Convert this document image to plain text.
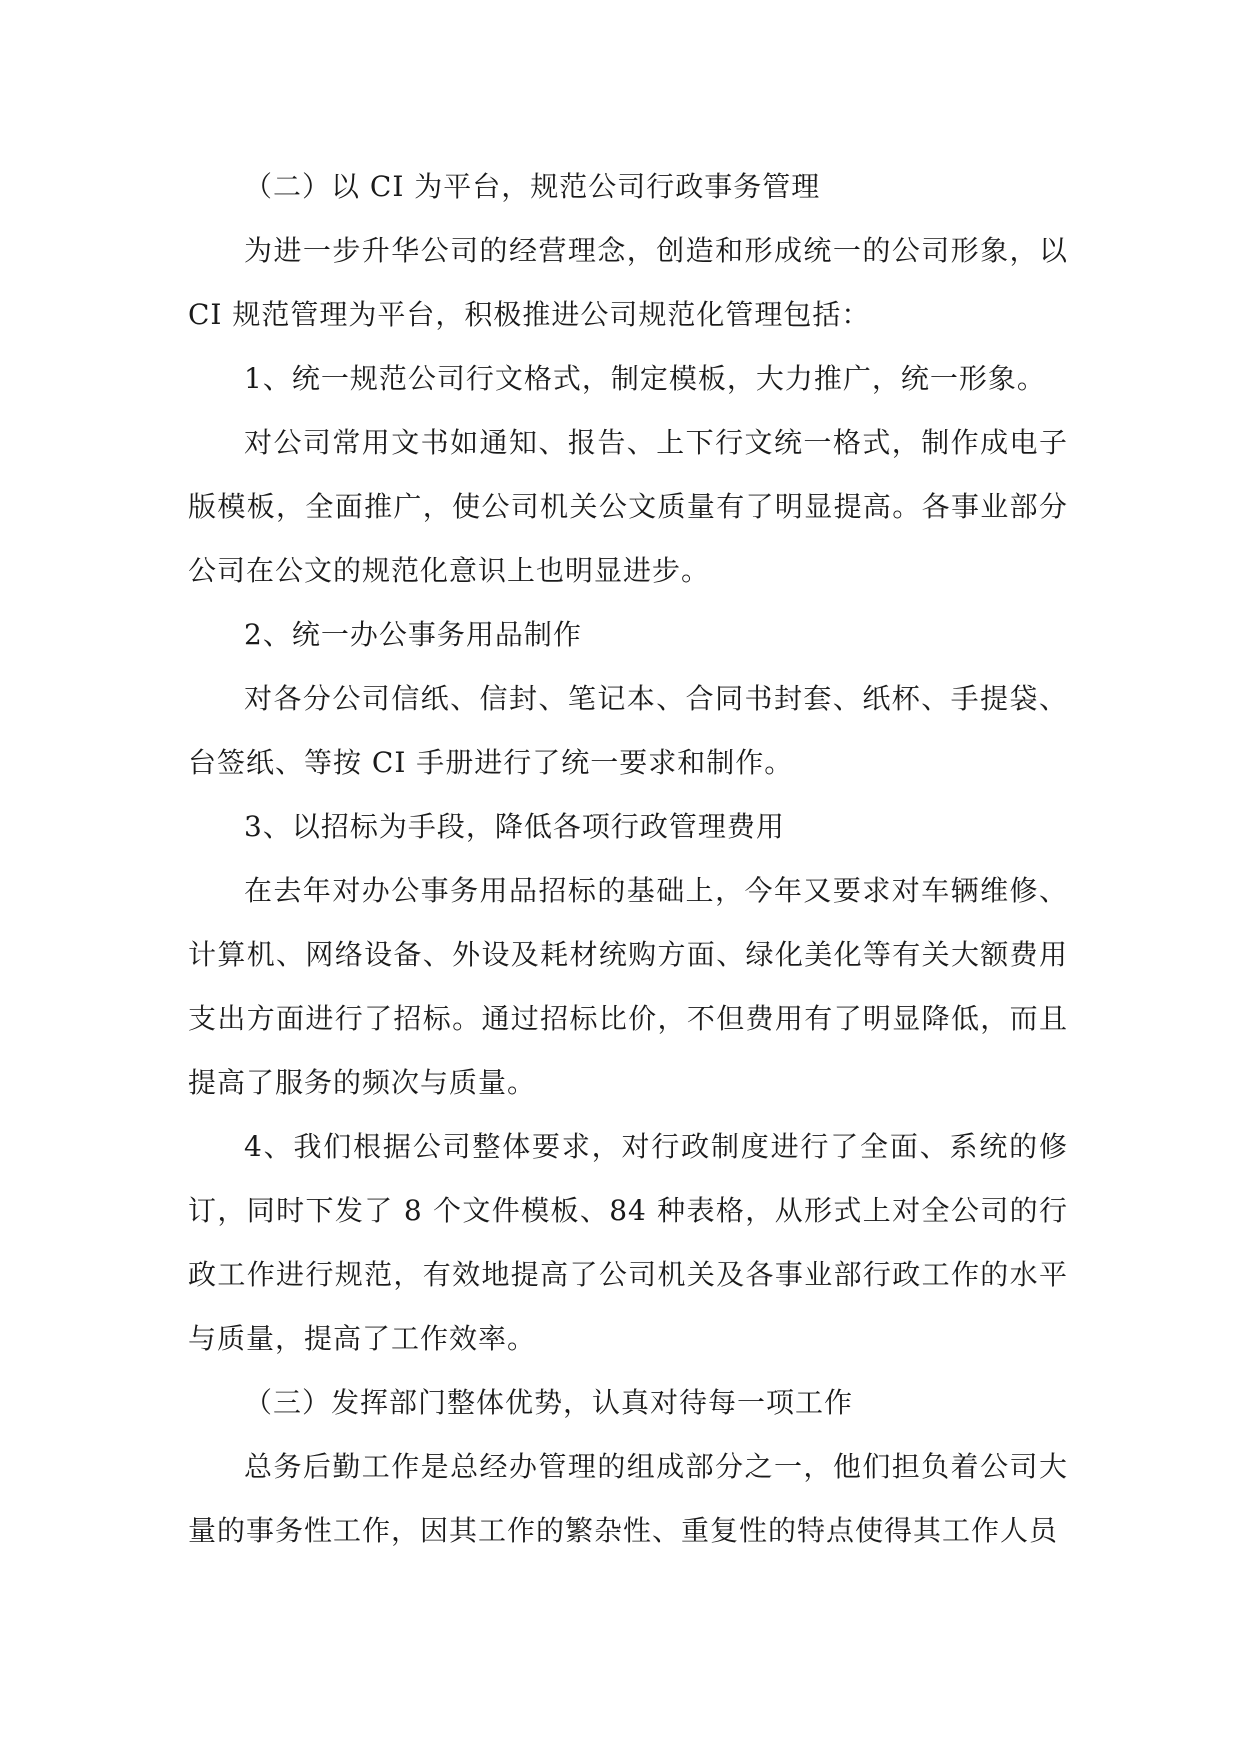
（二）以 CI 为平台，规范公司行政事务管理

为进一步升华公司的经营理念，创造和形成统一的公司形象，以 CI 规范管理为平台，积极推进公司规范化管理包括：

1、统一规范公司行文格式，制定模板，大力推广，统一形象。

对公司常用文书如通知、报告、上下行文统一格式，制作成电子版模板，全面推广，使公司机关公文质量有了明显提高。各事业部分公司在公文的规范化意识上也明显进步。

2、统一办公事务用品制作

对各分公司信纸、信封、笔记本、合同书封套、纸杯、手提袋、台签纸、等按 CI 手册进行了统一要求和制作。

3、以招标为手段，降低各项行政管理费用

在去年对办公事务用品招标的基础上，今年又要求对车辆维修、计算机、网络设备、外设及耗材统购方面、绿化美化等有关大额费用支出方面进行了招标。通过招标比价，不但费用有了明显降低，而且提高了服务的频次与质量。

4、我们根据公司整体要求，对行政制度进行了全面、系统的修订，同时下发了 8 个文件模板、84 种表格，从形式上对全公司的行政工作进行规范，有效地提高了公司机关及各事业部行政工作的水平与质量，提高了工作效率。

（三）发挥部门整体优势，认真对待每一项工作

总务后勤工作是总经办管理的组成部分之一，他们担负着公司大量的事务性工作，因其工作的繁杂性、重复性的特点使得其工作人员
